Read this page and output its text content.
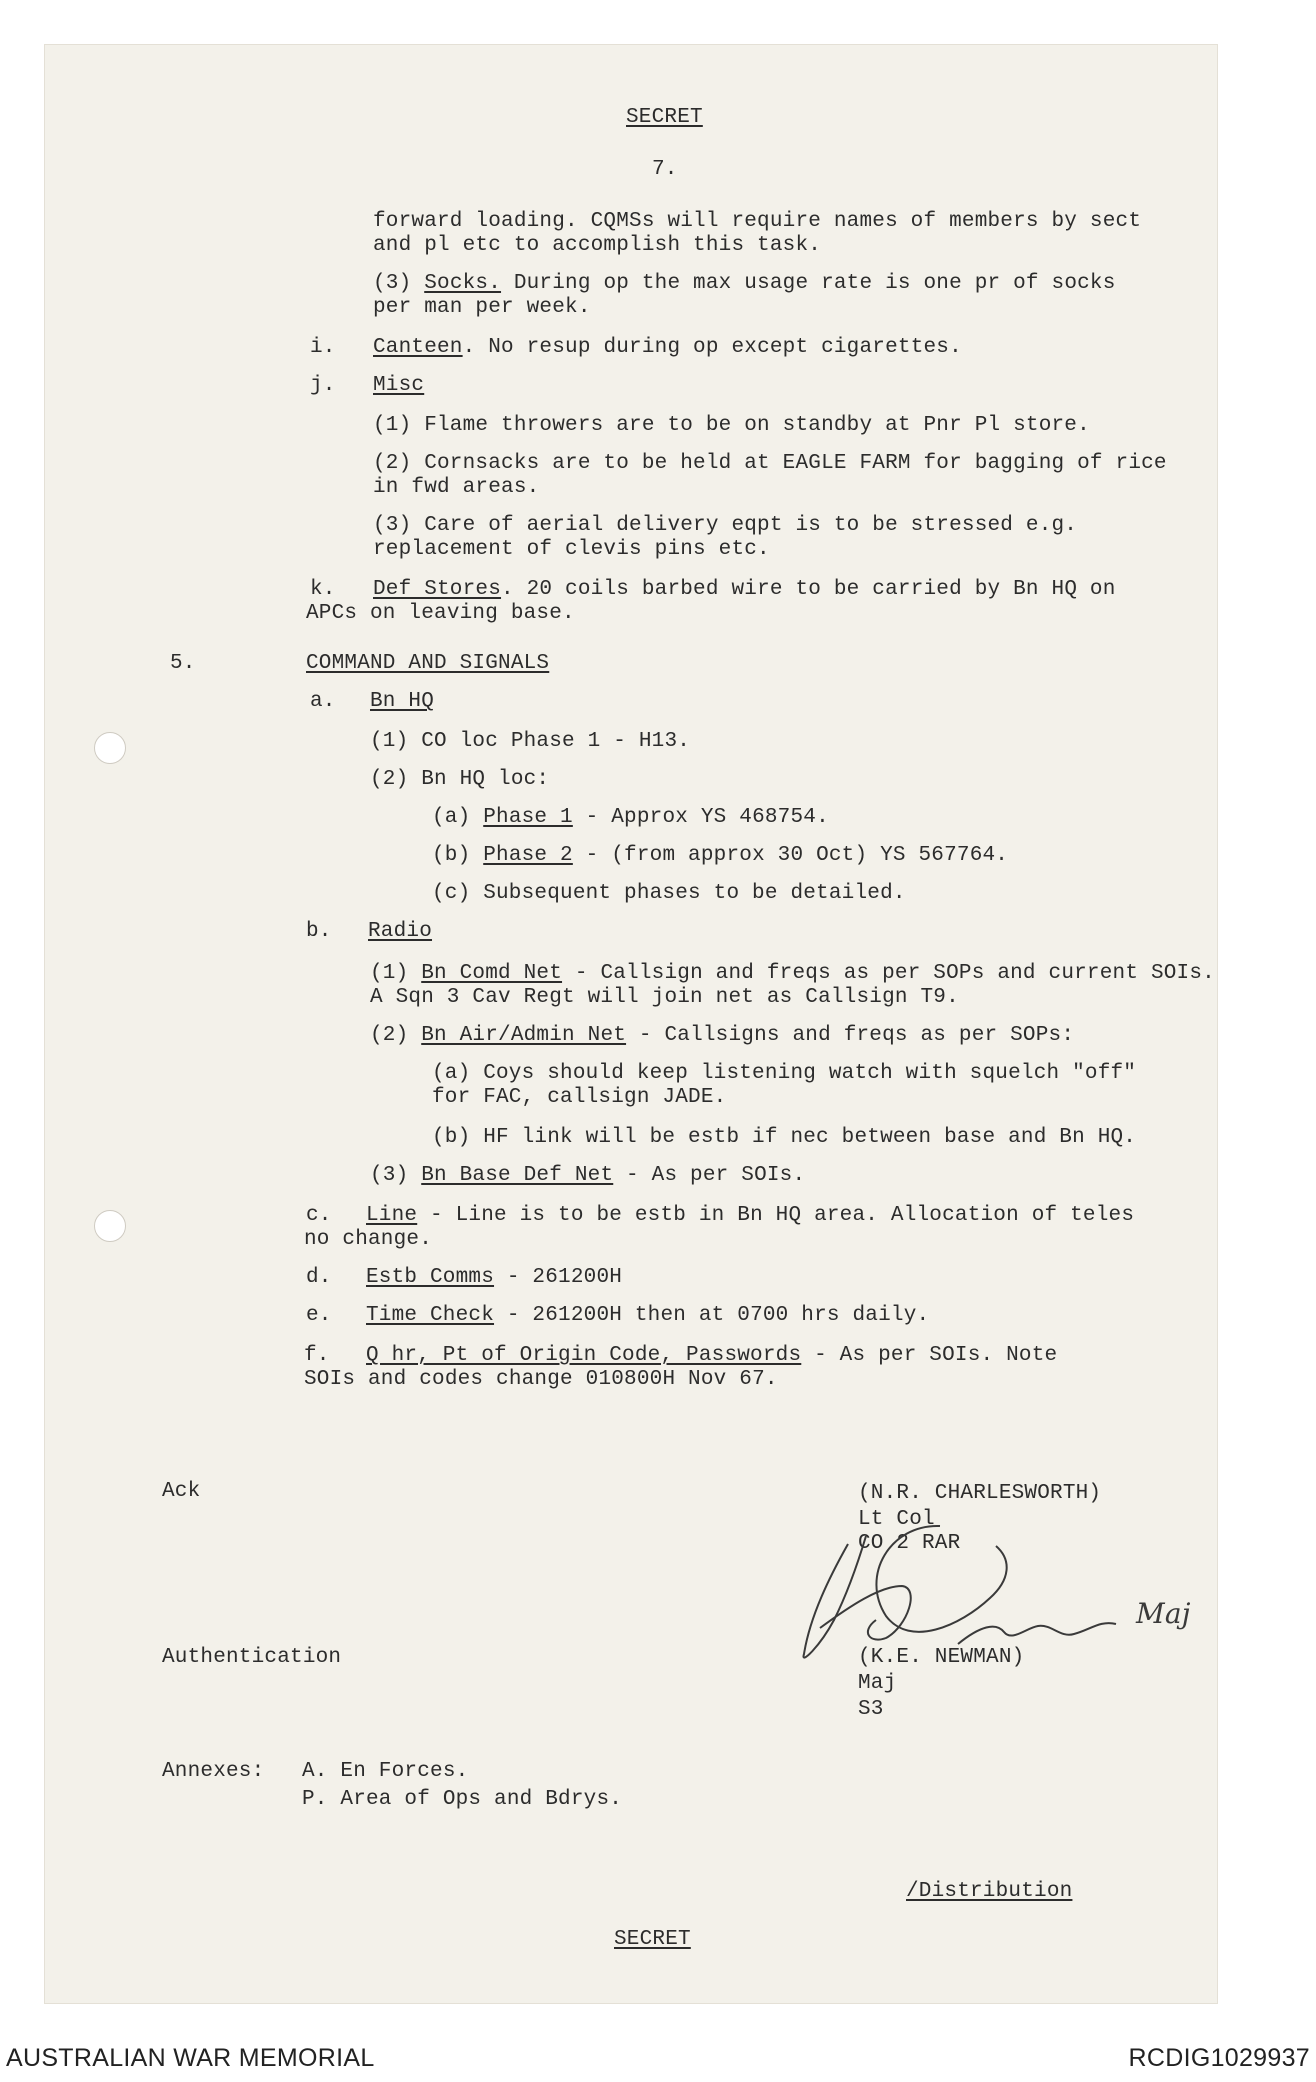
SECRET

7.

forward loading. CQMSs will require names of members by sect

and pl etc to accomplish this task.

(3) Socks. During op the max usage rate is one pr of socks

per man per week.

i. Canteen. No resup during op except cigarettes.

j. Misc

(1) Flame throwers are to be on standby at Pnr Pl store.

(2) Cornsacks are to be held at EAGLE FARM for bagging of rice

in fwd areas.

(3) Care of aerial delivery eqpt is to be stressed e.g.

replacement of clevis pins etc.

k. Def Stores. 20 coils barbed wire to be carried by Bn HQ on

APCs on leaving base.

5.	COMMAND AND SIGNALS

a. Bn HQ

(1) CO loc Phase 1 - H13.

(2) Bn HQ loc:

(a) Phase 1 - Approx YS 468754.

(b) Phase 2 - (from approx 30 Oct) YS 567764.

(c) Subsequent phases to be detailed.

b. Radio

(1) Bn Comd Net - Callsign and freqs as per SOPs and current SOIs.

A Sqn 3 Cav Regt will join net as Callsign T9.

(2) Bn Air/Admin Net - Callsigns and freqs as per SOPs:

(a) Coys should keep listening watch with squelch "off"

for FAC, callsign JADE.

(b) HF link will be estb if nec between base and Bn HQ.

(3) Bn Base Def Net - As per SOIs.

c. Line - Line is to be estb in Bn HQ area. Allocation of teles

no change.

d. Estb Comms - 261200H

e. Time Check - 261200H then at 0700 hrs daily.

f. Q hr, Pt of Origin Code, Passwords - As per SOIs. Note

SOIs and codes change 010800H Nov 67.

Ack	(N.R. CHARLESWORTH)

Lt Col

CO 2 RAR

Maj

Authentication	(K.E. NEWMAN)

Maj

S3

Annexes: A. En Forces.

P. Area of Ops and Bdrys.

/Distribution

SECRET

AUSTRALIAN WAR MEMORIAL	RCDIG1029937
